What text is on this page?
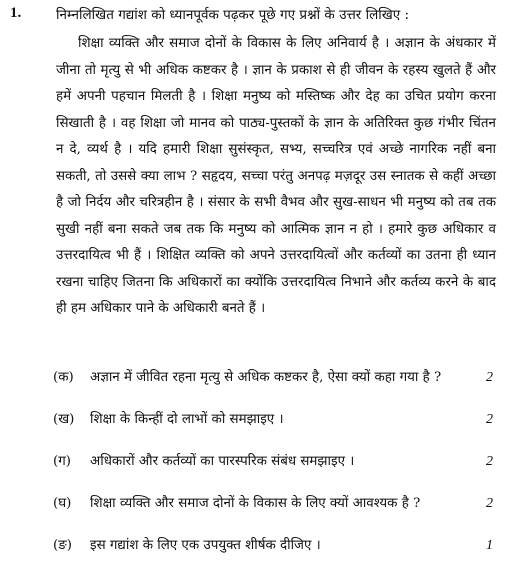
1.	निम्नलिखित गद्यांश को ध्यानपूर्वक पढ़कर पूछे गए प्रश्नों के उत्तर लिखिए :
शिक्षा व्यक्ति और समाज दोनों के विकास के लिए अनिवार्य है । अज्ञान के अंधकार में
जीना तो मृत्यु से भी अधिक कष्टकर है । ज्ञान के प्रकाश से ही जीवन के रहस्य खुलते हैं और
हमें अपनी पहचान मिलती है । शिक्षा मनुष्य को मस्तिष्क और देह का उचित प्रयोग करना
सिखाती है । वह शिक्षा जो मानव को पाठ्य-पुस्तकों के ज्ञान के अतिरिक्त कुछ गंभीर चिंतन
न दे, व्यर्थ है । यदि हमारी शिक्षा सुसंस्कृत, सभ्य, सच्चरित्र एवं अच्छे नागरिक नहीं बना
सकती, तो उससे क्या लाभ ? सहृदय, सच्चा परंतु अनपढ़ मज़दूर उस स्नातक से कहीं अच्छा
है जो निर्दय और चरित्रहीन है । संसार के सभी वैभव और सुख-साधन भी मनुष्य को तब तक
सुखी नहीं बना सकते जब तक कि मनुष्य को आत्मिक ज्ञान न हो । हमारे कुछ अधिकार व
उत्तरदायित्व भी हैं । शिक्षित व्यक्ति को अपने उत्तरदायित्वों और कर्तव्यों का उतना ही ध्यान
रखना चाहिए जितना कि अधिकारों का क्योंकि उत्तरदायित्व निभाने और कर्तव्य करने के बाद
ही हम अधिकार पाने के अधिकारी बनते हैं ।
(क) अज्ञान में जीवित रहना मृत्यु से अधिक कष्टकर है, ऐसा क्यों कहा गया है ?	2
(ख) शिक्षा के किन्हीं दो लाभों को समझाइए ।	2
(ग) अधिकारों और कर्तव्यों का पारस्परिक संबंध समझाइए ।	2
(घ) शिक्षा व्यक्ति और समाज दोनों के विकास के लिए क्यों आवश्यक है ?	2
(ङ) इस गद्यांश के लिए एक उपयुक्त शीर्षक दीजिए ।	1
